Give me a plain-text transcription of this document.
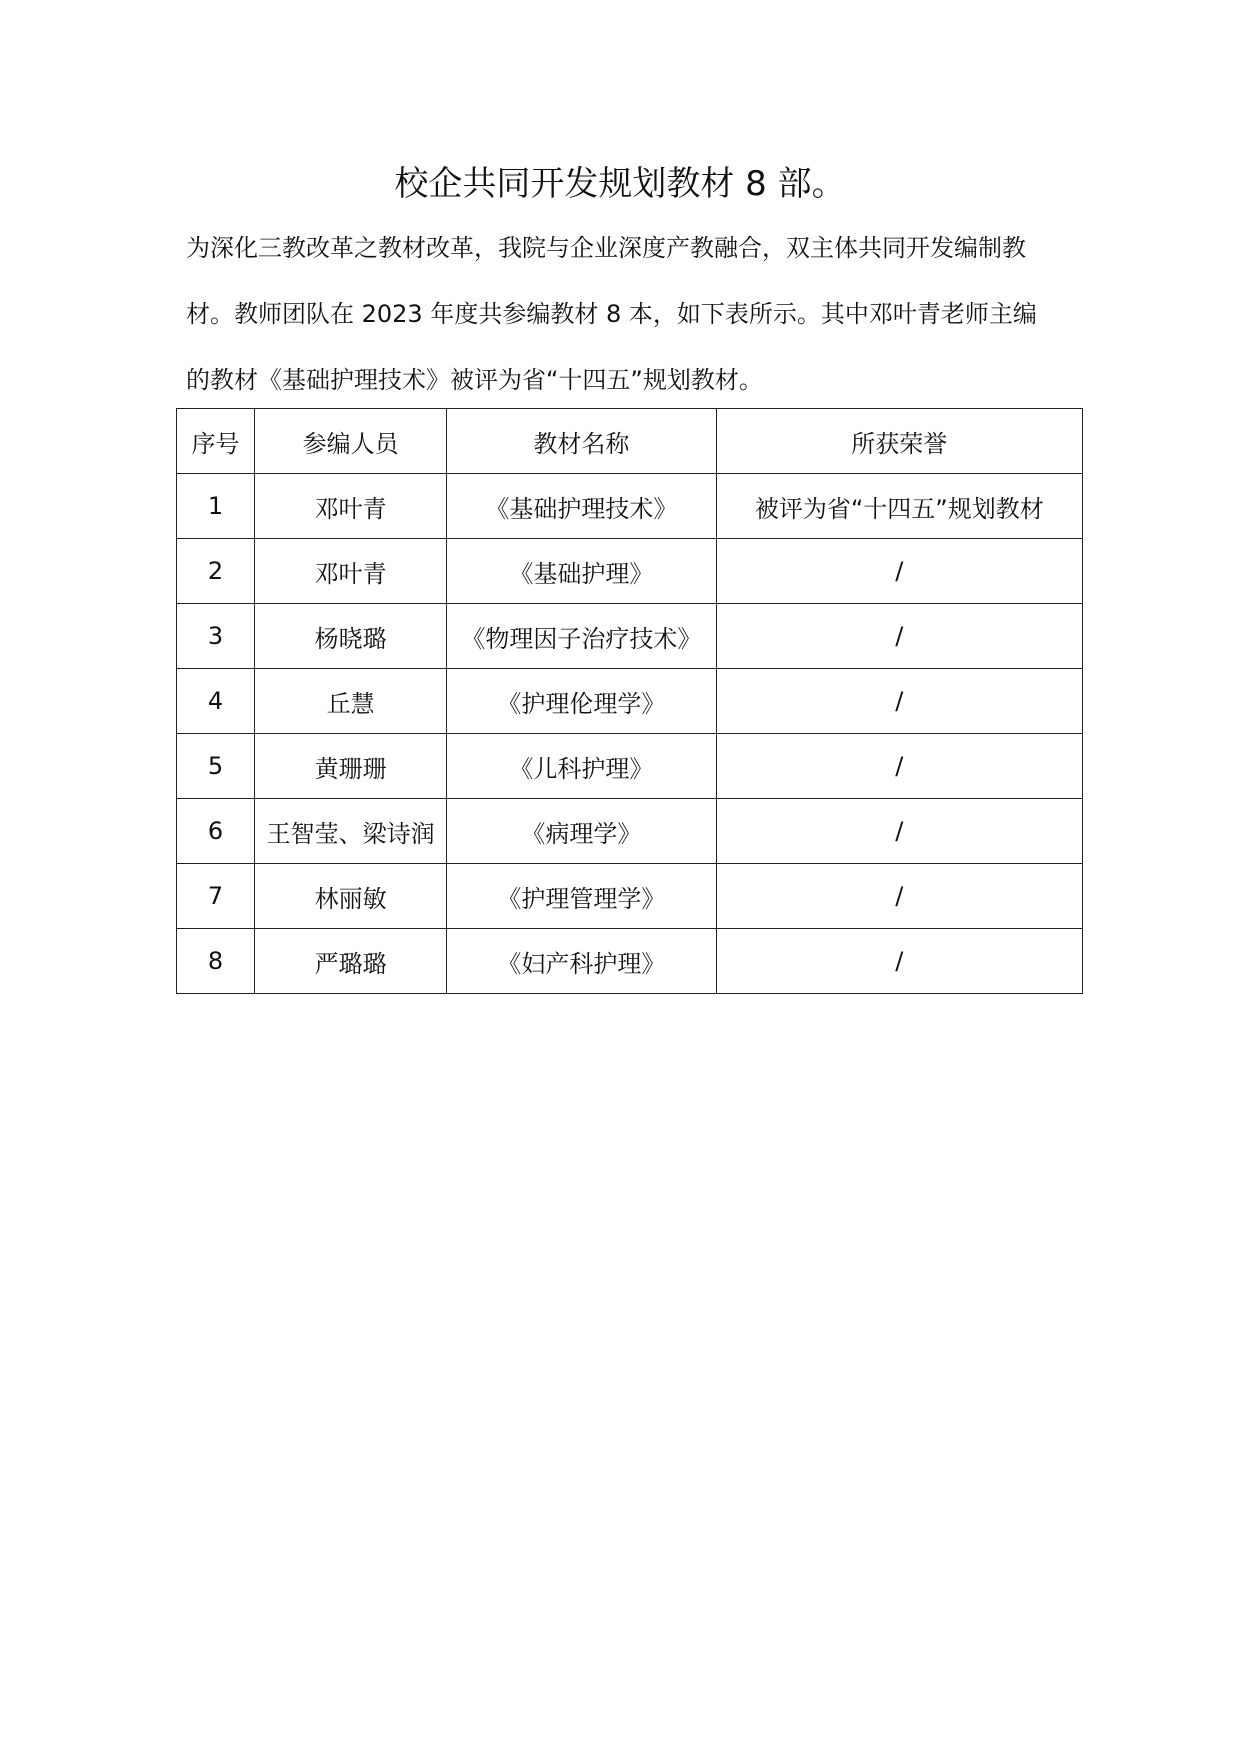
校企共同开发规划教材 8 部。
为深化三教改革之教材改革，我院与企业深度产教融合，双主体共同开发编制教
材。教师团队在 2023 年度共参编教材 8 本，如下表所示。其中邓叶青老师主编
的教材《基础护理技术》被评为省“十四五”规划教材。
序号	参编人员	教材名称	所获荣誉
1	邓叶青	《基础护理技术》	被评为省“十四五”规划教材
2	邓叶青	《基础护理》	/
3	杨晓璐	《物理因子治疗技术》	/
4	丘慧	《护理伦理学》	/
5	黄珊珊	《儿科护理》	/
6	王智莹、梁诗润	《病理学》	/
7	林丽敏	《护理管理学》	/
8	严璐璐	《妇产科护理》	/
